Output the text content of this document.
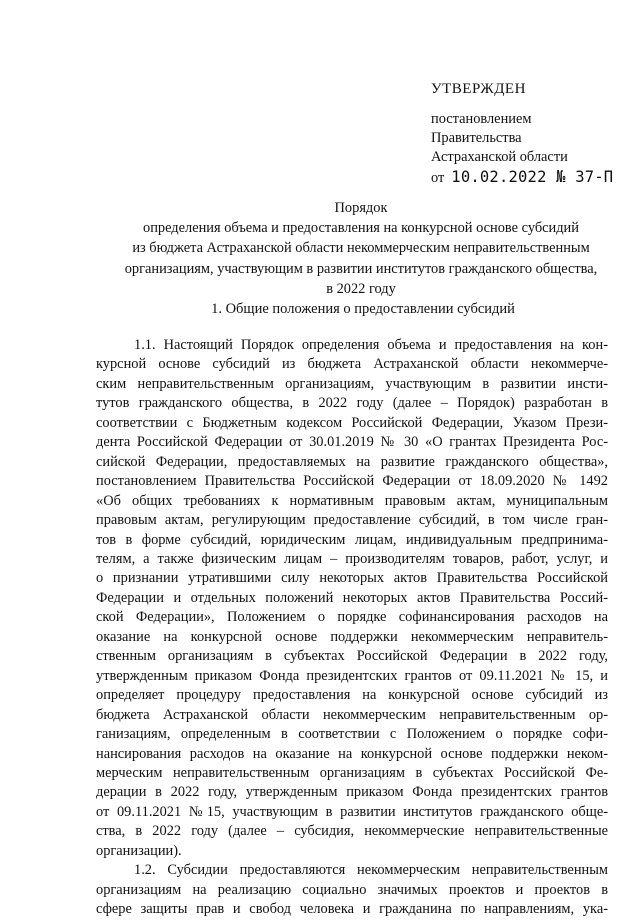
УТВЕРЖДЕН
постановлением
Правительства
Астраханской области
от 10.02.2022 № 37-П
Порядок
определения объема и предоставления на конкурсной основе субсидий
из бюджета Астраханской области некоммерческим неправительственным
организациям, участвующим в развитии институтов гражданского общества,
в 2022 году
1. Общие положения о предоставлении субсидий
1.1. Настоящий Порядок определения объема и предоставления на кон-
курсной основе субсидий из бюджета Астраханской области некоммерче-
ским неправительственным организациям, участвующим в развитии инсти-
тутов гражданского общества, в 2022 году (далее – Порядок) разработан в
соответствии с Бюджетным кодексом Российской Федерации, Указом Прези-
дента Российской Федерации от 30.01.2019 № 30 «О грантах Президента Рос-
сийской Федерации, предоставляемых на развитие гражданского общества»,
постановлением Правительства Российской Федерации от 18.09.2020 № 1492
«Об общих требованиях к нормативным правовым актам, муниципальным
правовым актам, регулирующим предоставление субсидий, в том числе гран-
тов в форме субсидий, юридическим лицам, индивидуальным предпринима-
телям, а также физическим лицам – производителям товаров, работ, услуг, и
о признании утратившими силу некоторых актов Правительства Российской
Федерации и отдельных положений некоторых актов Правительства Россий-
ской Федерации», Положением о порядке софинансирования расходов на
оказание на конкурсной основе поддержки некоммерческим неправитель-
ственным организациям в субъектах Российской Федерации в 2022 году,
утвержденным приказом Фонда президентских грантов от 09.11.2021 № 15, и
определяет процедуру предоставления на конкурсной основе субсидий из
бюджета Астраханской области некоммерческим неправительственным ор-
ганизациям, определенным в соответствии с Положением о порядке софи-
нансирования расходов на оказание на конкурсной основе поддержки неком-
мерческим неправительственным организациям в субъектах Российской Фе-
дерации в 2022 году, утвержденным приказом Фонда президентских грантов
от 09.11.2021 №15, участвующим в развитии институтов гражданского обще-
ства, в 2022 году (далее – субсидия, некоммерческие неправительственные
организации).
1.2. Субсидии предоставляются некоммерческим неправительственным
организациям на реализацию социально значимых проектов и проектов в
сфере защиты прав и свобод человека и гражданина по направлениям, ука-
